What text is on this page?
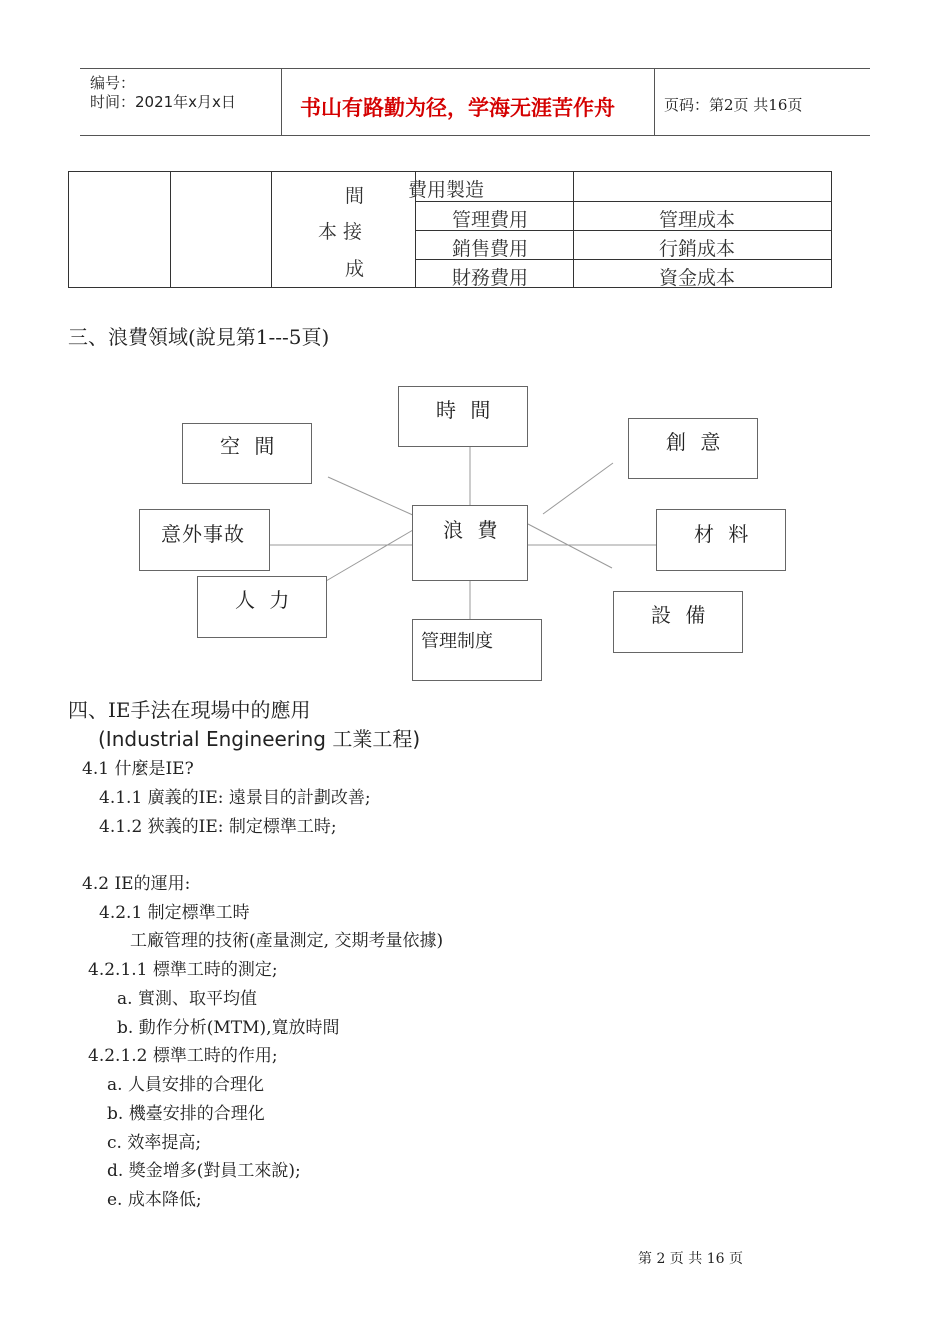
编号：
时间：2021年x月x日	书山有路勤为径，学海无涯苦作舟	页码：第2页 共16页
間
本 接
成
費用製造
管理費用	管理成本
銷售費用	行銷成本
財務費用	資金成本
三、浪費領域(說見第1---5頁)
時 間
空 間	創 意
浪 費
意外事故	材 料
人 力
設 備
管理制度
四、IE手法在現場中的應用
(Industrial Engineering 工業工程)
4.1 什麼是IE?
4.1.1 廣義的IE: 遠景目的計劃改善;
4.1.2 狹義的IE: 制定標準工時;
4.2 IE的運用:
4.2.1 制定標準工時
工廠管理的技術(產量測定, 交期考量依據)
4.2.1.1 標準工時的測定;
a. 實測、取平均值
b. 動作分析(MTM),寬放時間
4.2.1.2 標準工時的作用;
a. 人員安排的合理化
b. 機臺安排的合理化
c. 效率提高;
d. 獎金增多(對員工來說);
e. 成本降低;
第 2 页 共 16 页
